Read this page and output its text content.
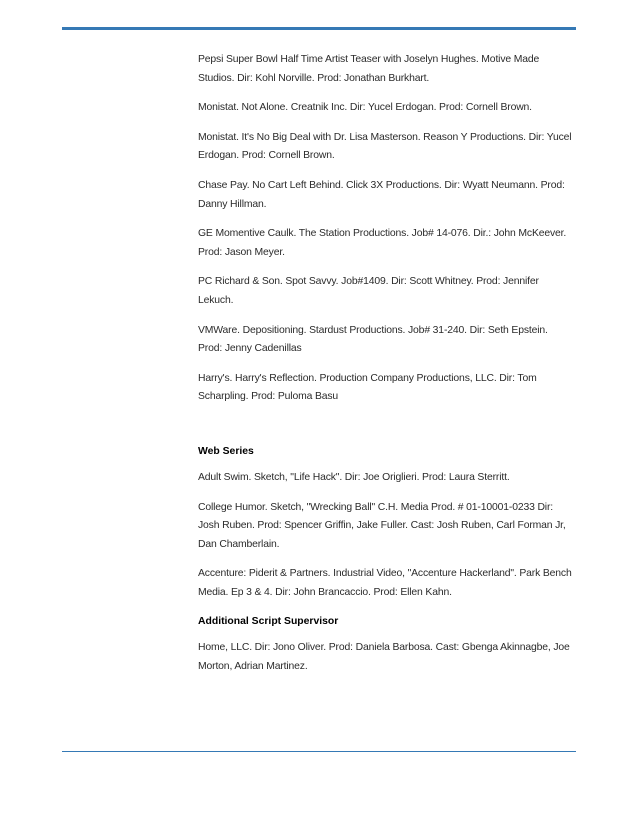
Pepsi Super Bowl Half Time Artist Teaser with Joselyn Hughes. Motive Made Studios. Dir: Kohl Norville. Prod: Jonathan Burkhart.

Monistat. Not Alone. Creatnik Inc. Dir: Yucel Erdogan. Prod: Cornell Brown.

Monistat. It's No Big Deal with Dr. Lisa Masterson. Reason Y Productions. Dir: Yucel Erdogan. Prod: Cornell Brown.

Chase Pay. No Cart Left Behind. Click 3X Productions. Dir: Wyatt Neumann. Prod: Danny Hillman.

GE Momentive Caulk. The Station Productions. Job# 14-076. Dir.: John McKeever. Prod: Jason Meyer.

PC Richard & Son. Spot Savvy. Job#1409. Dir: Scott Whitney. Prod: Jennifer Lekuch.

VMWare. Depositioning. Stardust Productions. Job# 31-240. Dir: Seth Epstein. Prod: Jenny Cadenillas

Harry's. Harry's Reflection. Production Company Productions, LLC. Dir: Tom Scharpling. Prod: Puloma Basu

Web Series

Adult Swim. Sketch, "Life Hack". Dir: Joe Origlieri. Prod: Laura Sterritt.

College Humor. Sketch, "Wrecking Ball" C.H. Media Prod. # 01-10001-0233 Dir: Josh Ruben. Prod: Spencer Griffin, Jake Fuller. Cast: Josh Ruben, Carl Forman Jr, Dan Chamberlain.

Accenture: Piderit & Partners. Industrial Video, "Accenture Hackerland". Park Bench Media. Ep 3 & 4. Dir: John Brancaccio. Prod: Ellen Kahn.

Additional Script Supervisor

Home, LLC. Dir: Jono Oliver. Prod: Daniela Barbosa. Cast: Gbenga Akinnagbe, Joe Morton, Adrian Martinez.
